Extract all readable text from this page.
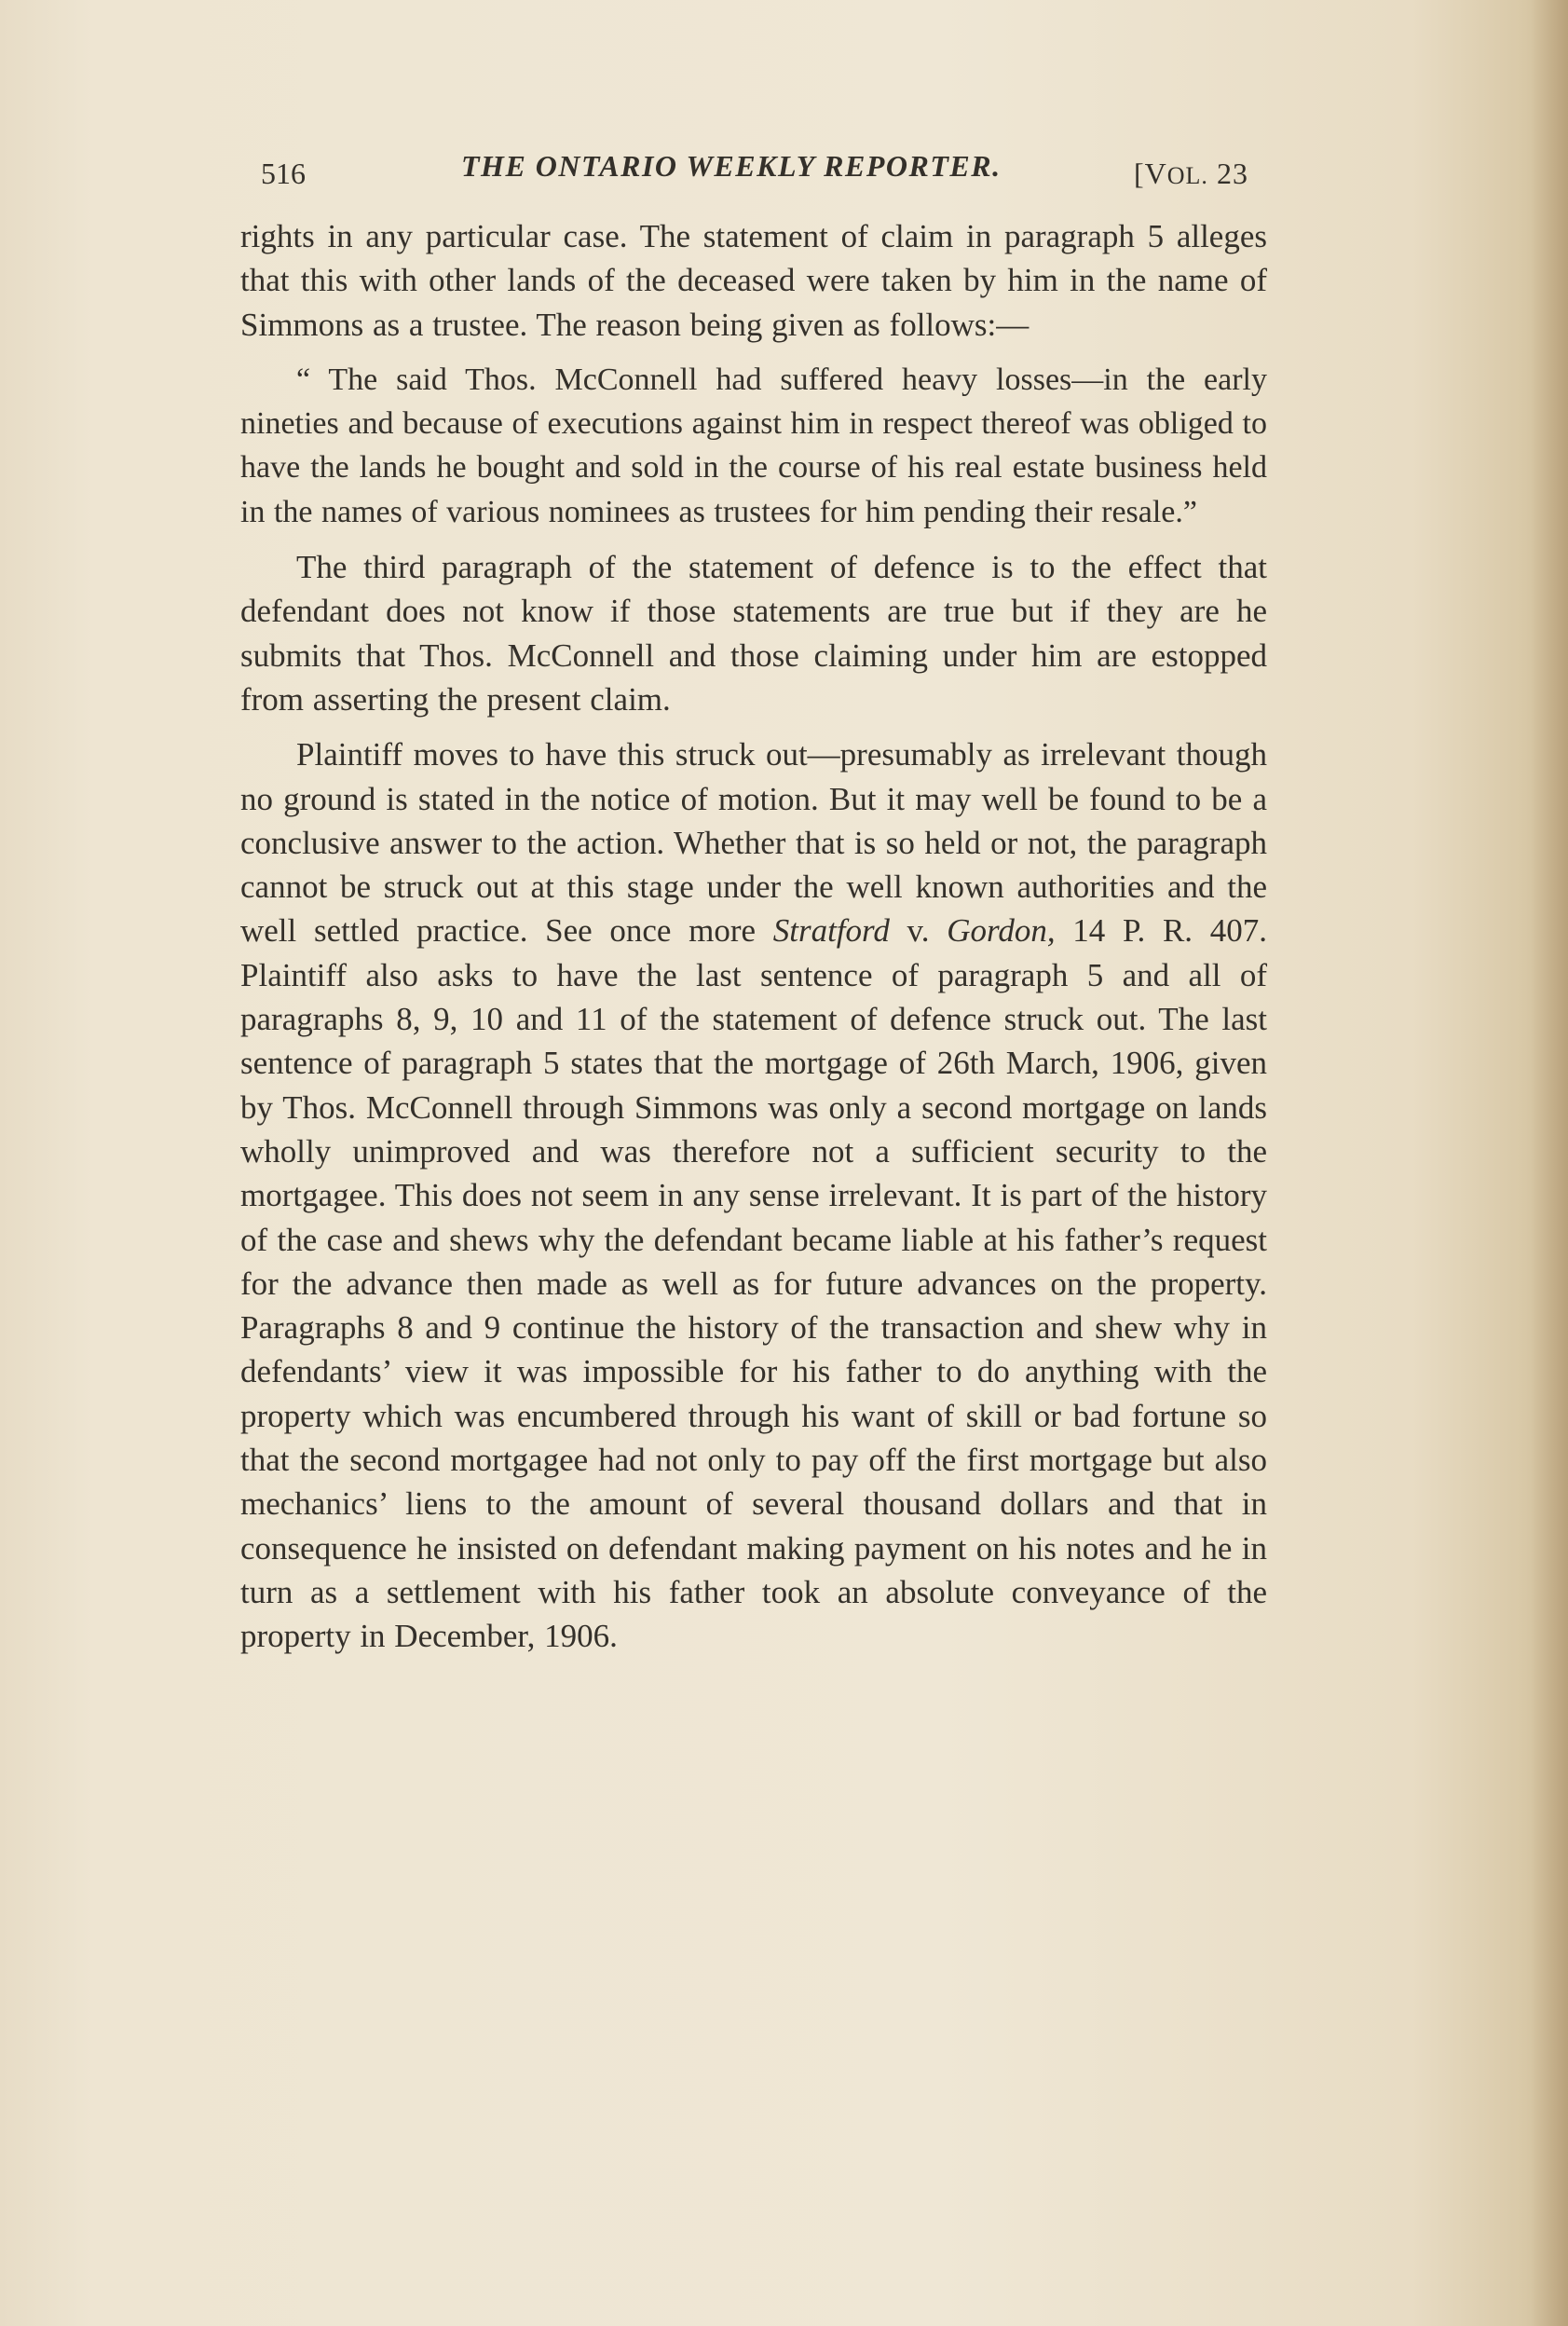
516	THE ONTARIO WEEKLY REPORTER.	[VOL. 23

rights in any particular case. The statement of claim in paragraph 5 alleges that this with other lands of the deceased were taken by him in the name of Simmons as a trustee. The reason being given as follows:—

“ The said Thos. McConnell had suffered heavy losses—in the early nineties and because of executions against him in respect thereof was obliged to have the lands he bought and sold in the course of his real estate business held in the names of various nominees as trustees for him pending their resale.”

The third paragraph of the statement of defence is to the effect that defendant does not know if those statements are true but if they are he submits that Thos. McConnell and those claiming under him are estopped from asserting the present claim.

Plaintiff moves to have this struck out—presumably as irrelevant though no ground is stated in the notice of motion. But it may well be found to be a conclusive answer to the action. Whether that is so held or not, the paragraph cannot be struck out at this stage under the well known authorities and the well settled practice. See once more Stratford v. Gordon, 14 P. R. 407. Plaintiff also asks to have the last sentence of paragraph 5 and all of paragraphs 8, 9, 10 and 11 of the statement of defence struck out. The last sentence of paragraph 5 states that the mortgage of 26th March, 1906, given by Thos. McConnell through Simmons was only a second mortgage on lands wholly unimproved and was therefore not a sufficient security to the mortgagee. This does not seem in any sense irrelevant. It is part of the history of the case and shews why the defendant became liable at his father’s request for the advance then made as well as for future advances on the property. Paragraphs 8 and 9 continue the history of the transaction and shew why in defendants’ view it was impossible for his father to do anything with the property which was encumbered through his want of skill or bad fortune so that the second mortgagee had not only to pay off the first mortgage but also mechanics’ liens to the amount of several thousand dollars and that in consequence he insisted on defendant making payment on his notes and he in turn as a settlement with his father took an absolute conveyance of the property in December, 1906.
